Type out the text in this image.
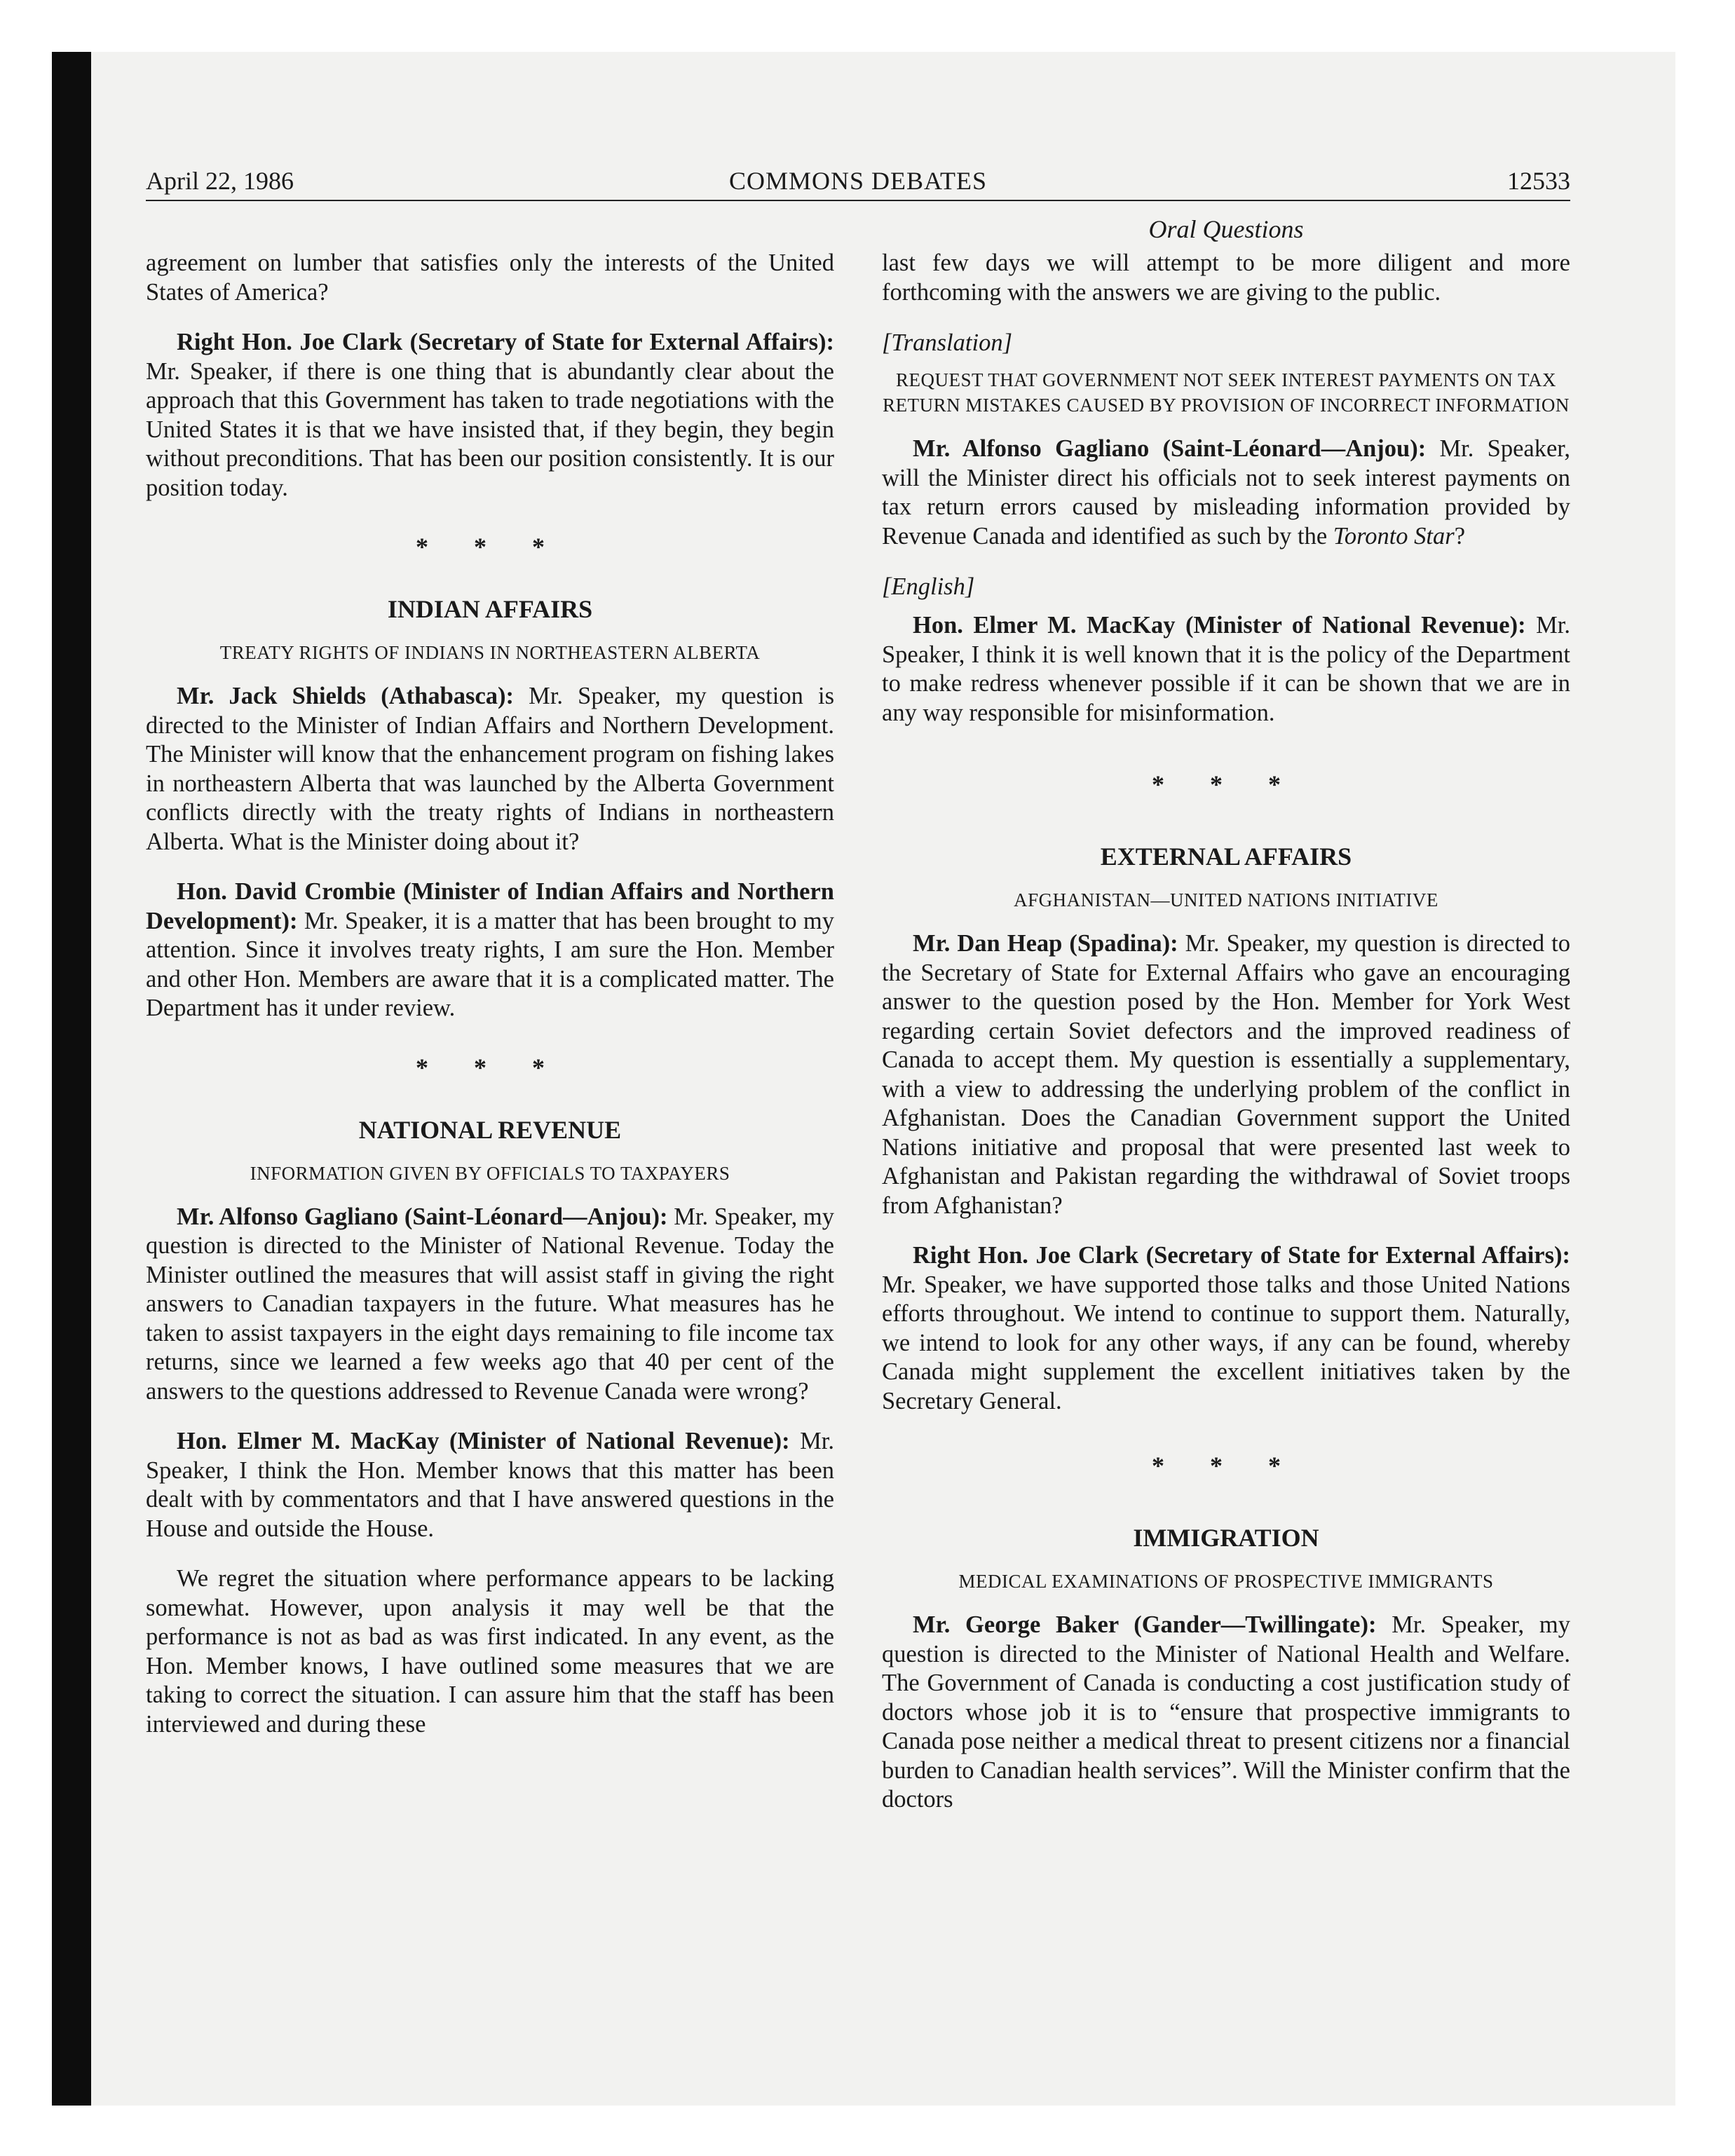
April 22, 1986	COMMONS DEBATES	12533
Oral Questions

agreement on lumber that satisfies only the interests of the United States of America?

Right Hon. Joe Clark (Secretary of State for External Affairs): Mr. Speaker, if there is one thing that is abundantly clear about the approach that this Government has taken to trade negotiations with the United States it is that we have insisted that, if they begin, they begin without preconditions. That has been our position consistently. It is our position today.

* * *
INDIAN AFFAIRS
TREATY RIGHTS OF INDIANS IN NORTHEASTERN ALBERTA

Mr. Jack Shields (Athabasca): Mr. Speaker, my question is directed to the Minister of Indian Affairs and Northern Development. The Minister will know that the enhancement program on fishing lakes in northeastern Alberta that was launched by the Alberta Government conflicts directly with the treaty rights of Indians in northeastern Alberta. What is the Minister doing about it?

Hon. David Crombie (Minister of Indian Affairs and Northern Development): Mr. Speaker, it is a matter that has been brought to my attention. Since it involves treaty rights, I am sure the Hon. Member and other Hon. Members are aware that it is a complicated matter. The Department has it under review.

* * *
NATIONAL REVENUE
INFORMATION GIVEN BY OFFICIALS TO TAXPAYERS

Mr. Alfonso Gagliano (Saint-Léonard—Anjou): Mr. Speaker, my question is directed to the Minister of National Revenue. Today the Minister outlined the measures that will assist staff in giving the right answers to Canadian taxpayers in the future. What measures has he taken to assist taxpayers in the eight days remaining to file income tax returns, since we learned a few weeks ago that 40 per cent of the answers to the questions addressed to Revenue Canada were wrong?

Hon. Elmer M. MacKay (Minister of National Revenue): Mr. Speaker, I think the Hon. Member knows that this matter has been dealt with by commentators and that I have answered questions in the House and outside the House.

We regret the situation where performance appears to be lacking somewhat. However, upon analysis it may well be that the performance is not as bad as was first indicated. In any event, as the Hon. Member knows, I have outlined some measures that we are taking to correct the situation. I can assure him that the staff has been interviewed and during these

last few days we will attempt to be more diligent and more forthcoming with the answers we are giving to the public.

[Translation]
REQUEST THAT GOVERNMENT NOT SEEK INTEREST PAYMENTS ON TAX RETURN MISTAKES CAUSED BY PROVISION OF INCORRECT INFORMATION

Mr. Alfonso Gagliano (Saint-Léonard—Anjou): Mr. Speaker, will the Minister direct his officials not to seek interest payments on tax return errors caused by misleading information provided by Revenue Canada and identified as such by the Toronto Star?

[English]

Hon. Elmer M. MacKay (Minister of National Revenue): Mr. Speaker, I think it is well known that it is the policy of the Department to make redress whenever possible if it can be shown that we are in any way responsible for misinformation.

* * *
EXTERNAL AFFAIRS
AFGHANISTAN—UNITED NATIONS INITIATIVE

Mr. Dan Heap (Spadina): Mr. Speaker, my question is directed to the Secretary of State for External Affairs who gave an encouraging answer to the question posed by the Hon. Member for York West regarding certain Soviet defectors and the improved readiness of Canada to accept them. My question is essentially a supplementary, with a view to addressing the underlying problem of the conflict in Afghanistan. Does the Canadian Government support the United Nations initiative and proposal that were presented last week to Afghanistan and Pakistan regarding the withdrawal of Soviet troops from Afghanistan?

Right Hon. Joe Clark (Secretary of State for External Affairs): Mr. Speaker, we have supported those talks and those United Nations efforts throughout. We intend to continue to support them. Naturally, we intend to look for any other ways, if any can be found, whereby Canada might supplement the excellent initiatives taken by the Secretary General.

* * *
IMMIGRATION
MEDICAL EXAMINATIONS OF PROSPECTIVE IMMIGRANTS

Mr. George Baker (Gander—Twillingate): Mr. Speaker, my question is directed to the Minister of National Health and Welfare. The Government of Canada is conducting a cost justification study of doctors whose job it is to “ensure that prospective immigrants to Canada pose neither a medical threat to present citizens nor a financial burden to Canadian health services”. Will the Minister confirm that the doctors
